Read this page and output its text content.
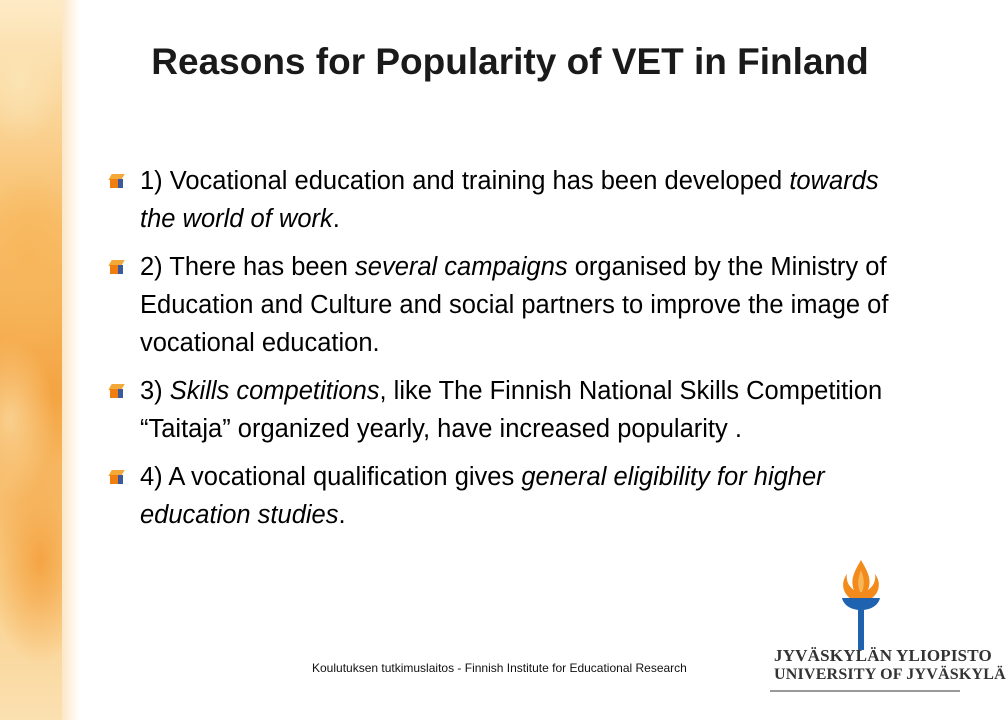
Reasons for Popularity of VET in Finland
1) Vocational education and training has been developed towards the world of work.
2) There has been several campaigns organised by the Ministry of Education and Culture and social partners to improve the image of vocational education.
3) Skills competitions, like The Finnish National Skills Competition “Taitaja” organized yearly, have increased popularity .
4) A vocational qualification gives general eligibility for higher education studies.
Koulutuksen tutkimuslaitos - Finnish Institute for Educational Research
JYVÄSKYLÄN YLIOPISTO
UNIVERSITY OF JYVÄSKYLÄ
